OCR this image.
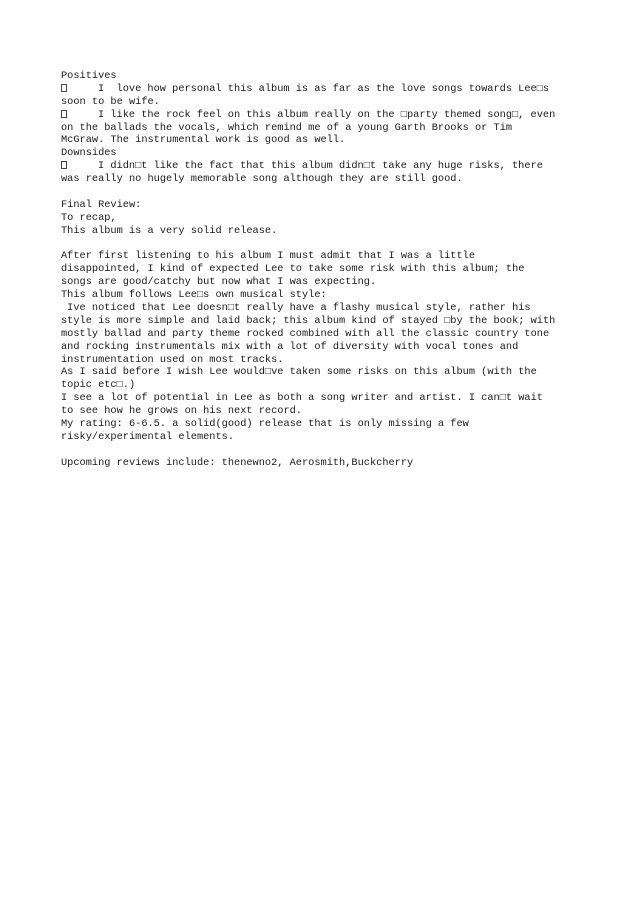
Positives
I  love how personal this album is as far as the love songs towards Lee□s
soon to be wife.
I like the rock feel on this album really on the □party themed song□, even
on the ballads the vocals, which remind me of a young Garth Brooks or Tim
McGraw. The instrumental work is good as well.
Downsides
I didn□t like the fact that this album didn□t take any huge risks, there
was really no hugely memorable song although they are still good.
Final Review:
To recap,
This album is a very solid release.
After first listening to his album I must admit that I was a little
disappointed, I kind of expected Lee to take some risk with this album; the
songs are good/catchy but now what I was expecting.
This album follows Lee□s own musical style:
Ive noticed that Lee doesn□t really have a flashy musical style, rather his
style is more simple and laid back; this album kind of stayed □by the book; with
mostly ballad and party theme rocked combined with all the classic country tone
and rocking instrumentals mix with a lot of diversity with vocal tones and
instrumentation used on most tracks.
As I said before I wish Lee would□ve taken some risks on this album (with the
topic etc□.)
I see a lot of potential in Lee as both a song writer and artist. I can□t wait
to see how he grows on his next record.
My rating: 6-6.5. a solid(good) release that is only missing a few
risky/experimental elements.
Upcoming reviews include: thenewno2, Aerosmith,Buckcherry
